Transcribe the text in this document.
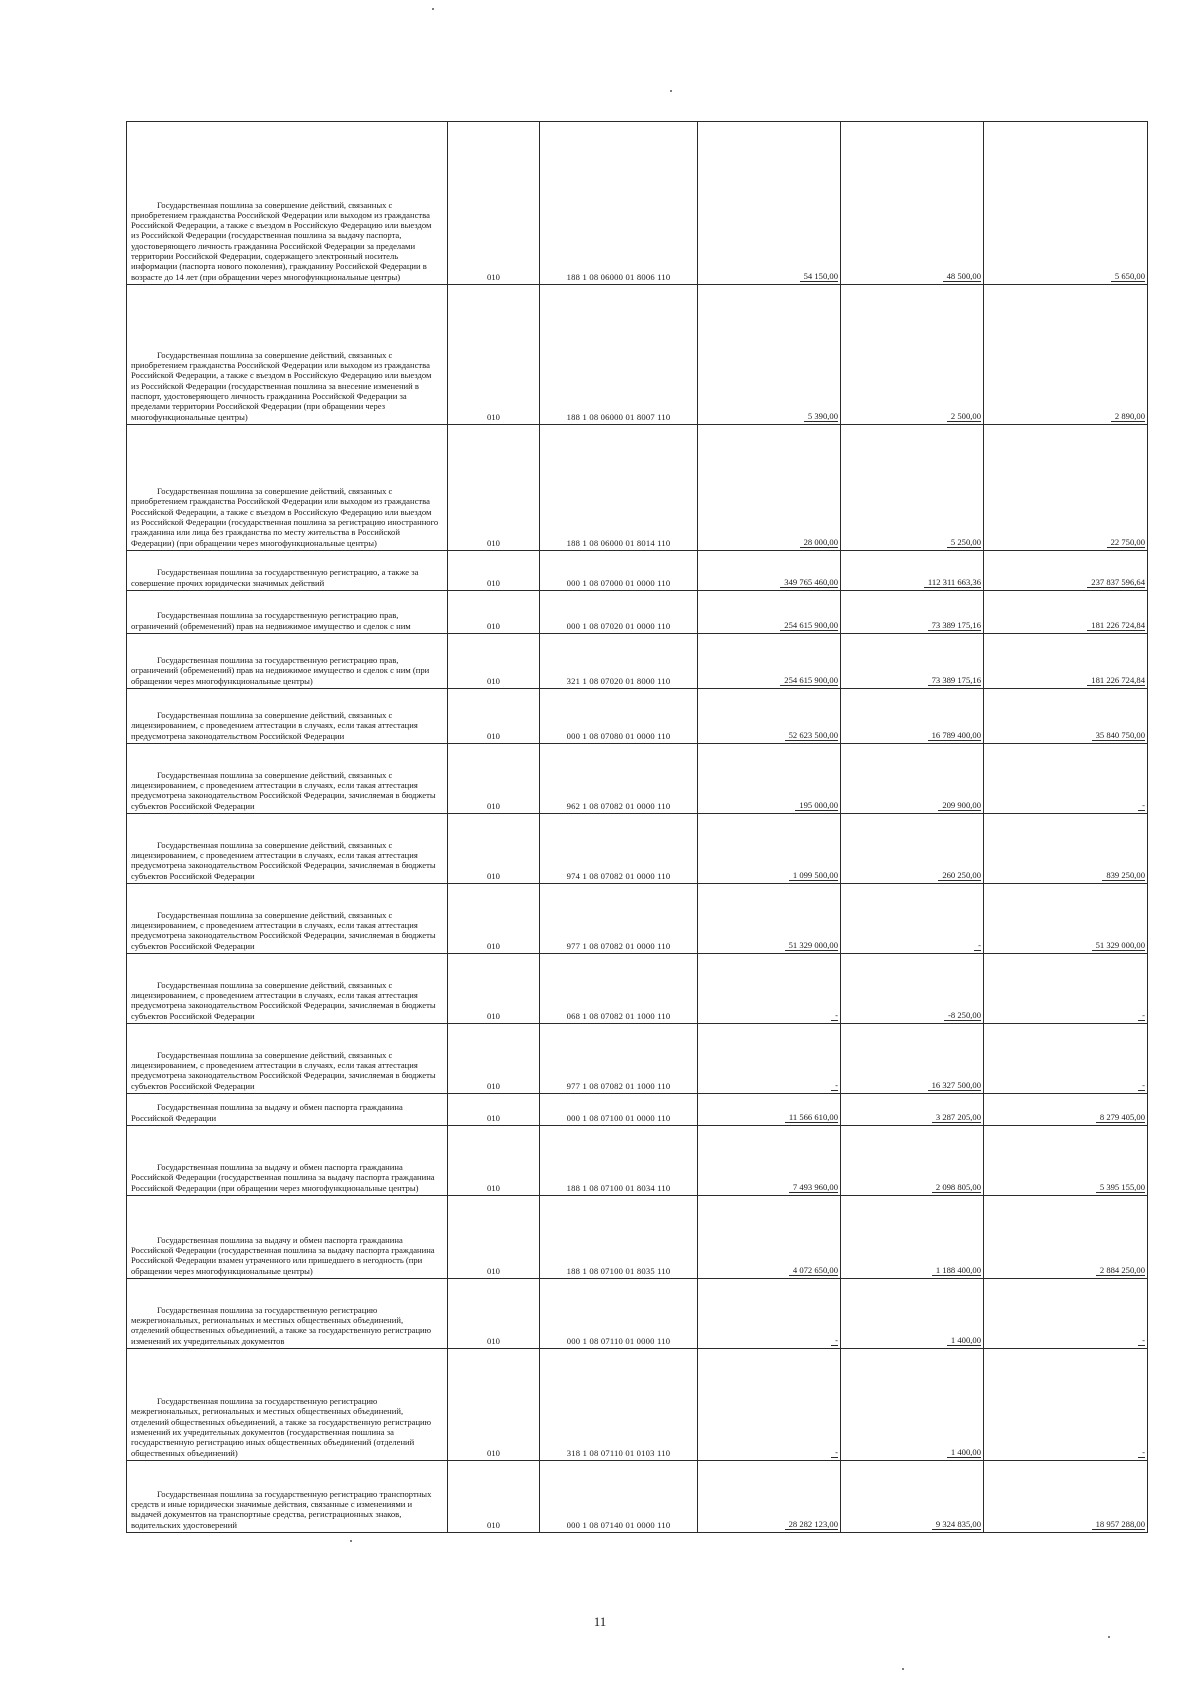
Государственная пошлина за совершение действий, связанных с приобретением гражданства Российской Федерации или выходом из гражданства Российской Федерации, а также с въездом в Российскую Федерацию или выездом из Российской Федерации (государственная пошлина за выдачу паспорта, удостоверяющего личность гражданина Российской Федерации за пределами территории Российской Федерации, содержащего электронный носитель информации (паспорта нового поколения), гражданину Российской Федерации в возрасте до 14 лет (при обращении через многофункциональные центры)	010	188 1 08 06000 01 8006 110	54 150,00	48 500,00	5 650,00

Государственная пошлина за совершение действий, связанных с приобретением гражданства Российской Федерации или выходом из гражданства Российской Федерации, а также с въездом в Российскую Федерацию или выездом из Российской Федерации (государственная пошлина за внесение изменений в паспорт, удостоверяющего личность гражданина Российской Федерации за пределами территории Российской Федерации (при обращении через многофункциональные центры)	010	188 1 08 06000 01 8007 110	5 390,00	2 500,00	2 890,00

Государственная пошлина за совершение действий, связанных с приобретением гражданства Российской Федерации или выходом из гражданства Российской Федерации, а также с въездом в Российскую Федерацию или выездом из Российской Федерации (государственная пошлина за регистрацию иностранного гражданина или лица без гражданства по месту жительства в Российской Федерации) (при обращении через многофункциональные центры)	010	188 1 08 06000 01 8014 110	28 000,00	5 250,00	22 750,00

Государственная пошлина за государственную регистрацию, а также за совершение прочих юридически значимых действий	010	000 1 08 07000 01 0000 110	349 765 460,00	112 311 663,36	237 837 596,64

Государственная пошлина за государственную регистрацию прав, ограничений (обременений) прав на недвижимое имущество и сделок с ним	010	000 1 08 07020 01 0000 110	254 615 900,00	73 389 175,16	181 226 724,84

Государственная пошлина за государственную регистрацию прав, ограничений (обременений) прав на недвижимое имущество и сделок с ним (при обращении через многофункциональные центры)	010	321 1 08 07020 01 8000 110	254 615 900,00	73 389 175,16	181 226 724,84

Государственная пошлина за совершение действий, связанных с лицензированием, с проведением аттестации в случаях, если такая аттестация предусмотрена законодательством Российской Федерации	010	000 1 08 07080 01 0000 110	52 623 500,00	16 789 400,00	35 840 750,00

Государственная пошлина за совершение действий, связанных с лицензированием, с проведением аттестации в случаях, если такая аттестация предусмотрена законодательством Российской Федерации, зачисляемая в бюджеты субъектов Российской Федерации	010	962 1 08 07082 01 0000 110	195 000,00	209 900,00	-

Государственная пошлина за совершение действий, связанных с лицензированием, с проведением аттестации в случаях, если такая аттестация предусмотрена законодательством Российской Федерации, зачисляемая в бюджеты субъектов Российской Федерации	010	974 1 08 07082 01 0000 110	1 099 500,00	260 250,00	839 250,00

Государственная пошлина за совершение действий, связанных с лицензированием, с проведением аттестации в случаях, если такая аттестация предусмотрена законодательством Российской Федерации, зачисляемая в бюджеты субъектов Российской Федерации	010	977 1 08 07082 01 0000 110	51 329 000,00	-	51 329 000,00

Государственная пошлина за совершение действий, связанных с лицензированием, с проведением аттестации в случаях, если такая аттестация предусмотрена законодательством Российской Федерации, зачисляемая в бюджеты субъектов Российской Федерации	010	068 1 08 07082 01 1000 110	-	-8 250,00	-

Государственная пошлина за совершение действий, связанных с лицензированием, с проведением аттестации в случаях, если такая аттестация предусмотрена законодательством Российской Федерации, зачисляемая в бюджеты субъектов Российской Федерации	010	977 1 08 07082 01 1000 110	-	16 327 500,00	-

Государственная пошлина за выдачу и обмен паспорта гражданина Российской Федерации	010	000 1 08 07100 01 0000 110	11 566 610,00	3 287 205,00	8 279 405,00

Государственная пошлина за выдачу и обмен паспорта гражданина Российской Федерации (государственная пошлина за выдачу паспорта гражданина Российской Федерации (при обращении через многофункциональные центры)	010	188 1 08 07100 01 8034 110	7 493 960,00	2 098 805,00	5 395 155,00

Государственная пошлина за выдачу и обмен паспорта гражданина Российской Федерации (государственная пошлина за выдачу паспорта гражданина Российской Федерации взамен утраченного или пришедшего в негодность (при обращении через многофункциональные центры)	010	188 1 08 07100 01 8035 110	4 072 650,00	1 188 400,00	2 884 250,00

Государственная пошлина за государственную регистрацию межрегиональных, региональных и местных общественных объединений, отделений общественных объединений, а также за государственную регистрацию изменений их учредительных документов	010	000 1 08 07110 01 0000 110	-	1 400,00	-

Государственная пошлина за государственную регистрацию межрегиональных, региональных и местных общественных объединений, отделений общественных объединений, а также за государственную регистрацию изменений их учредительных документов (государственная пошлина за государственную регистрацию иных общественных объединений (отделений общественных объединений)	010	318 1 08 07110 01 0103 110	-	1 400,00	-

Государственная пошлина за государственную регистрацию транспортных средств и иные юридически значимые действия, связанные с изменениями и выдачей документов на транспортные средства, регистрационных знаков, водительских удостоверений	010	000 1 08 07140 01 0000 110	28 282 123,00	9 324 835,00	18 957 288,00
11
